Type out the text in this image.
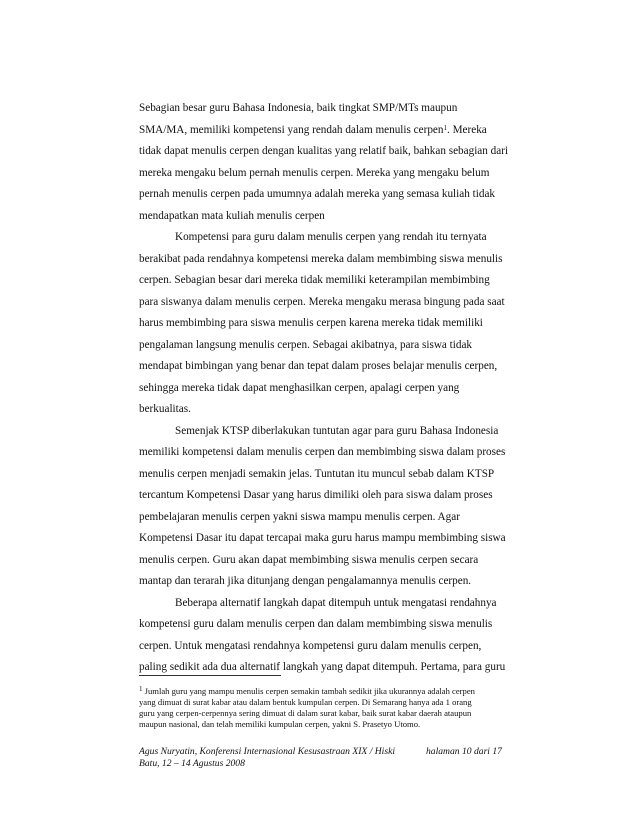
Sebagian besar guru Bahasa Indonesia, baik tingkat SMP/MTs maupun
SMA/MA, memiliki kompetensi yang rendah dalam menulis cerpen$^1$. Mereka
tidak dapat menulis cerpen dengan kualitas yang relatif baik, bahkan sebagian dari
mereka mengaku belum pernah menulis cerpen. Mereka yang mengaku belum
pernah menulis cerpen pada umumnya adalah mereka yang semasa kuliah tidak
mendapatkan mata kuliah menulis cerpen
Kompetensi para guru dalam menulis cerpen yang rendah itu ternyata
berakibat pada rendahnya kompetensi mereka dalam membimbing siswa menulis
cerpen. Sebagian besar dari mereka tidak memiliki keterampilan membimbing
para siswanya dalam menulis cerpen. Mereka mengaku merasa bingung pada saat
harus membimbing para siswa menulis cerpen karena mereka tidak memiliki
pengalaman langsung menulis cerpen. Sebagai akibatnya, para siswa tidak
mendapat bimbingan yang benar dan tepat dalam proses belajar menulis cerpen,
sehingga mereka tidak dapat menghasilkan cerpen, apalagi cerpen yang
berkualitas.
Semenjak KTSP diberlakukan tuntutan agar para guru Bahasa Indonesia
memiliki kompetensi dalam menulis cerpen dan membimbing siswa dalam proses
menulis cerpen menjadi semakin jelas. Tuntutan itu muncul sebab dalam KTSP
tercantum Kompetensi Dasar yang harus dimiliki oleh para siswa dalam proses
pembelajaran menulis cerpen yakni siswa mampu menulis cerpen. Agar
Kompetensi Dasar itu dapat tercapai maka guru harus mampu membimbing siswa
menulis cerpen. Guru akan dapat membimbing siswa menulis cerpen secara
mantap dan terarah jika ditunjang dengan pengalamannya menulis cerpen.
Beberapa alternatif langkah dapat ditempuh untuk mengatasi rendahnya
kompetensi guru dalam menulis cerpen dan dalam membimbing siswa menulis
cerpen. Untuk mengatasi rendahnya kompetensi guru dalam menulis cerpen,
paling sedikit ada dua alternatif langkah yang dapat ditempuh. Pertama, para guru
$^1$ Jumlah guru yang mampu menulis cerpen semakin tambah sedikit jika ukurannya adalah cerpen
yang dimuat di surat kabar atau dalam bentuk kumpulan cerpen. Di Semarang hanya ada 1 orang
guru yang cerpen-cerpennya sering dimuat di dalam surat kabar, baik surat kabar daerah ataupun
maupun nasional, dan telah memiliki kumpulan cerpen, yakni S. Prasetyo Utomo.
Agus Nuryatin, Konferensi Internasional Kesusastraan XIX / Hiski	halaman 10 dari 17
Batu, 12 – 14 Agustus 2008
